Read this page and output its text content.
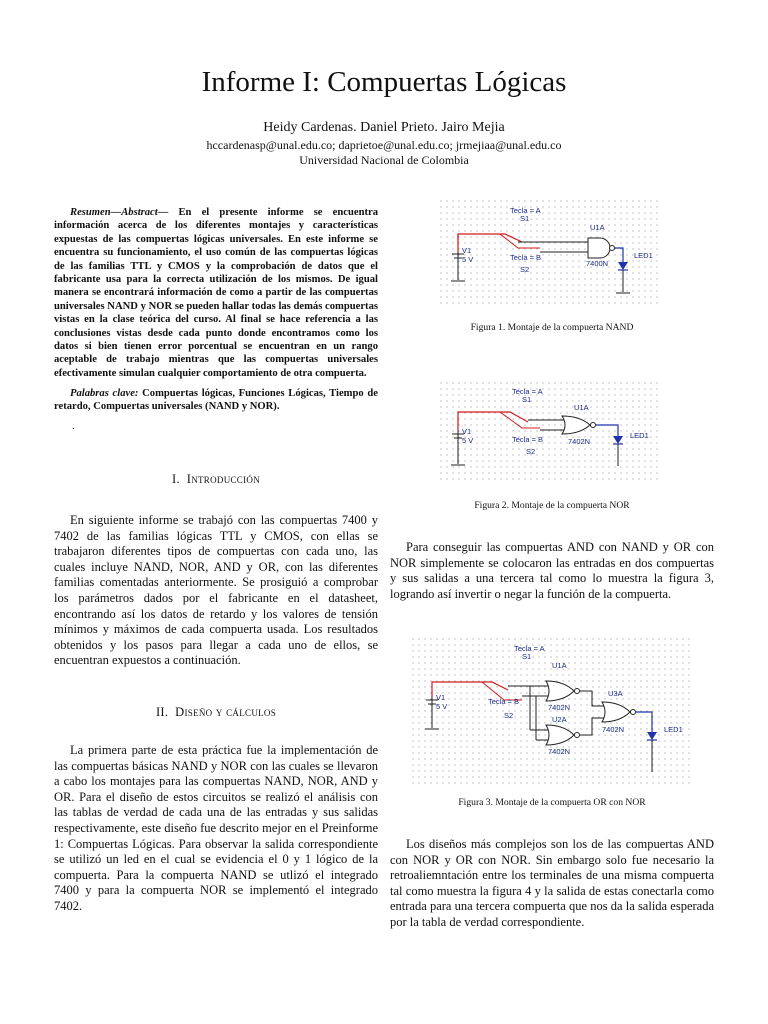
Informe I: Compuertas Lógicas
Heidy Cardenas. Daniel Prieto. Jairo Mejia
hccardenasp@unal.edu.co; daprietoe@unal.edu.co; jrmejiaa@unal.edu.co
Universidad Nacional de Colombia
Resumen—Abstract— En el presente informe se encuentra información acerca de los diferentes montajes y características expuestas de las compuertas lógicas universales. En este informe se encuentra su funcionamiento, el uso común de las compuertas lógicas de las familias TTL y CMOS y la comprobación de datos que el fabricante usa para la correcta utilización de los mismos. De igual manera se encontrará información de como a partir de las compuertas universales NAND y NOR se pueden hallar todas las demás compuertas vistas en la clase teórica del curso. Al final se hace referencia a las conclusiones vistas desde cada punto donde encontramos como los datos si bien tienen error porcentual se encuentran en un rango aceptable de trabajo mientras que las compuertas universales efectivamente simulan cualquier comportamiento de otra compuerta.
Palabras clave: Compuertas lógicas, Funciones Lógicas, Tiempo de retardo, Compuertas universales (NAND y NOR).
.
I. Introducción
En siguiente informe se trabajó con las compuertas 7400 y 7402 de las familias lógicas TTL y CMOS, con ellas se trabajaron diferentes tipos de compuertas con cada uno, las cuales incluye NAND, NOR, AND y OR, con las diferentes familias comentadas anteriormente. Se prosiguió a comprobar los parámetros dados por el fabricante en el datasheet, encontrando así los datos de retardo y los valores de tensión mínimos y máximos de cada compuerta usada. Los resultados obtenidos y los pasos para llegar a cada uno de ellos, se encuentran expuestos a continuación.
II. Diseño y cálculos
La primera parte de esta práctica fue la implementación de las compuertas básicas NAND y NOR con las cuales se llevaron a cabo los montajes para las compuertas NAND, NOR, AND y OR. Para el diseño de estos circuitos se realizó el análisis con las tablas de verdad de cada una de las entradas y sus salidas respectivamente, este diseño fue descrito mejor en el Preinforme 1: Compuertas Lógicas. Para observar la salida correspondiente se utilizó un led en el cual se evidencia el 0 y 1 lógico de la compuerta. Para la compuerta NAND se utlizó el integrado 7400 y para la compuerta NOR se implementó el integrado 7402.
Tecla = A
S1
Tecla = B
S2
V1
5 V
U1A
7400N
LED1
Figura 1. Montaje de la compuerta NAND
Tecla = A
S1
Tecla = B
S2
V1
5 V
U1A
7402N
LED1
Figura 2. Montaje de la compuerta NOR
Para conseguir las compuertas AND con NAND y OR con NOR simplemente se colocaron las entradas en dos compuertas y sus salidas a una tercera tal como lo muestra la figura 3, logrando así invertir o negar la función de la compuerta.
Tecla = A
S1
Tecla = B
S2
V1
5 V
U1A
7402N
U2A
7402N
U3A
7402N	LED1
Figura 3. Montaje de la compuerta OR con NOR
Los diseños más complejos son los de las compuertas AND con NOR y OR con NOR. Sin embargo solo fue necesario la retroaliemntación entre los terminales de una misma compuerta tal como muestra la figura 4 y la salida de estas conectarla como entrada para una tercera compuerta que nos da la salida esperada por la tabla de verdad correspondiente.
